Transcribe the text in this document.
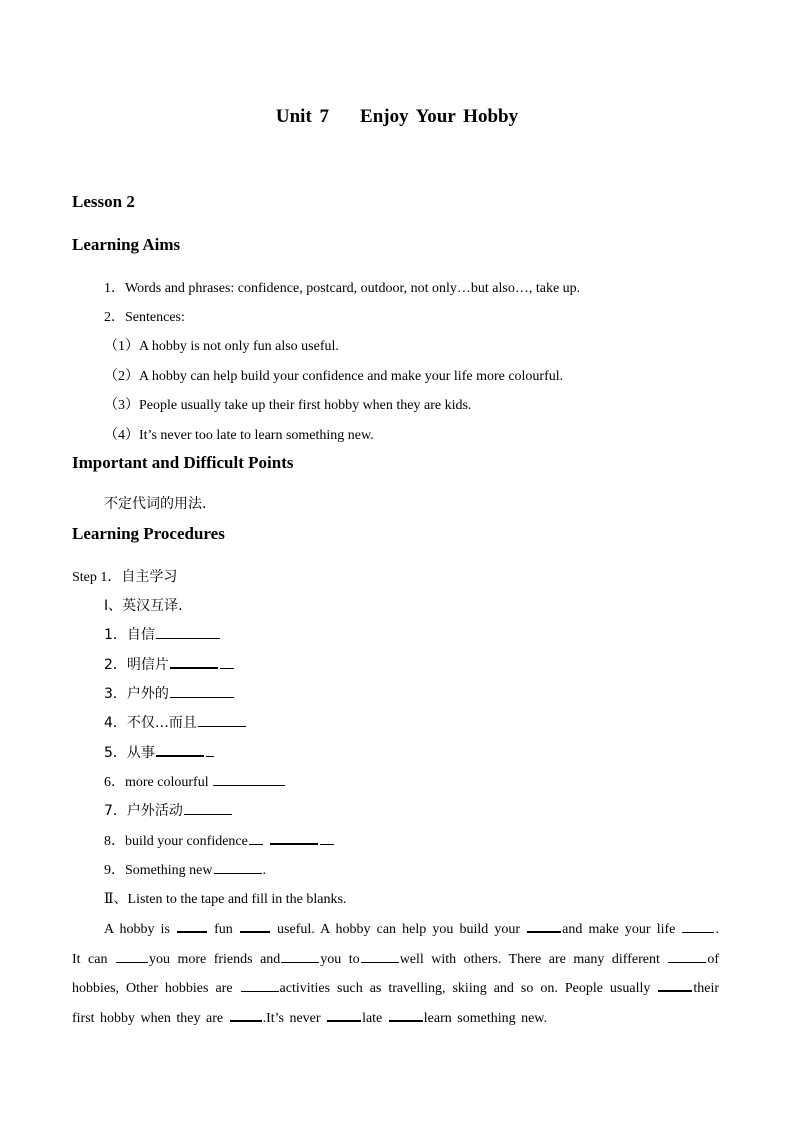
Unit 7    Enjoy Your Hobby
Lesson 2
Learning Aims
1．Words and phrases: confidence, postcard, outdoor, not only…but also…, take up.
2．Sentences:
（1）A hobby is not only fun also useful.
（2）A hobby can help build your confidence and make your life more colourful.
（3）People usually take up their first hobby when they are kids.
（4）It’s never too late to learn something new.
Important and Difficult Points
不定代词的用法.
Learning Procedures
Step 1．自主学习
Ⅰ、英汉互译.
1．自信
2．明信片
3．户外的
4．不仅…而且
5．从事
6．more colourful
7．户外活动
8．build your confidence
9．Something new	.
Ⅱ、Listen to the tape and fill in the blanks.
A hobby is  fun  useful. A hobby can help you build your	and make your life . It can you more friends and	you to	well with others. There are many different	of hobbies, Other hobbies are	activities such as travelling, skiing and so on. People usually	their first hobby when they are .It’s never	late	learn something new.
